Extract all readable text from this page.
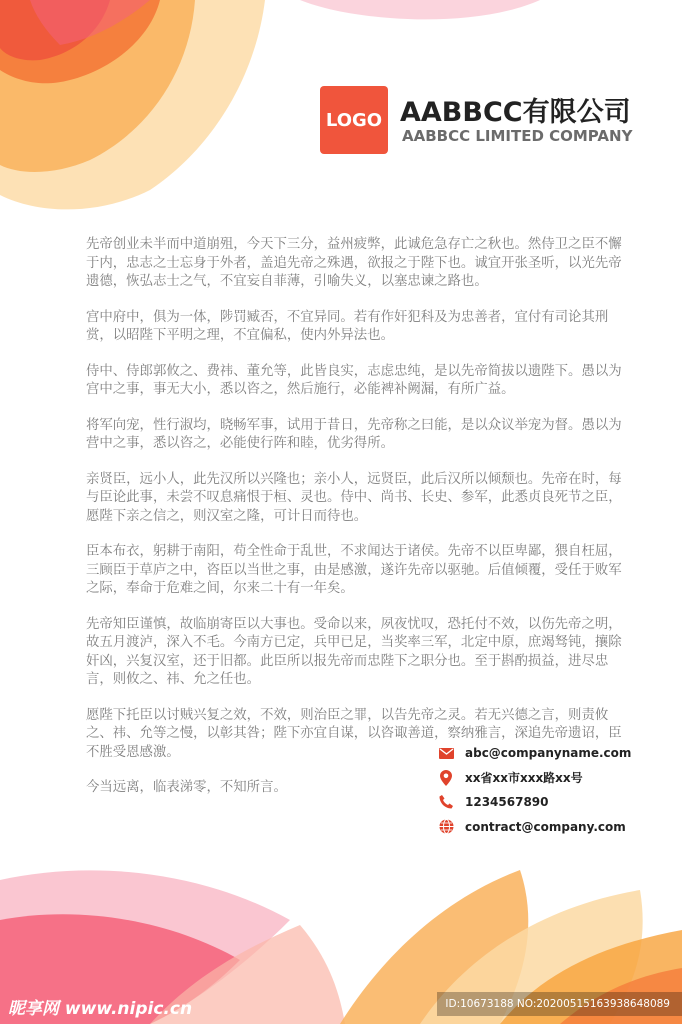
LOGO AABBCC有限公司
AABBCC LIMITED COMPANY

先帝创业未半而中道崩殂，今天下三分，益州疲弊，此诚危急存亡之秋也。然侍卫之臣不懈于内，忠志之士忘身于外者，盖追先帝之殊遇，欲报之于陛下也。诚宜开张圣听，以光先帝遗德，恢弘志士之气，不宜妄自菲薄，引喻失义，以塞忠谏之路也。

宫中府中，俱为一体，陟罚臧否，不宜异同。若有作奸犯科及为忠善者，宜付有司论其刑赏，以昭陛下平明之理，不宜偏私，使内外异法也。

侍中、侍郎郭攸之、费祎、董允等，此皆良实，志虑忠纯，是以先帝简拔以遗陛下。愚以为宫中之事，事无大小，悉以咨之，然后施行，必能裨补阙漏，有所广益。

将军向宠，性行淑均，晓畅军事，试用于昔日，先帝称之曰能，是以众议举宠为督。愚以为营中之事，悉以咨之，必能使行阵和睦，优劣得所。

亲贤臣，远小人，此先汉所以兴隆也；亲小人，远贤臣，此后汉所以倾颓也。先帝在时，每与臣论此事，未尝不叹息痛恨于桓、灵也。侍中、尚书、长史、参军，此悉贞良死节之臣，愿陛下亲之信之，则汉室之隆，可计日而待也。

臣本布衣，躬耕于南阳，苟全性命于乱世，不求闻达于诸侯。先帝不以臣卑鄙，猥自枉屈，三顾臣于草庐之中，咨臣以当世之事，由是感激，遂许先帝以驱驰。后值倾覆，受任于败军之际，奉命于危难之间，尔来二十有一年矣。

先帝知臣谨慎，故临崩寄臣以大事也。受命以来，夙夜忧叹，恐托付不效，以伤先帝之明，故五月渡泸，深入不毛。今南方已定，兵甲已足，当奖率三军，北定中原，庶竭驽钝，攘除奸凶，兴复汉室，还于旧都。此臣所以报先帝而忠陛下之职分也。至于斟酌损益，进尽忠言，则攸之、祎、允之任也。

愿陛下托臣以讨贼兴复之效，不效，则治臣之罪，以告先帝之灵。若无兴德之言，则责攸之、祎、允等之慢，以彰其咎；陛下亦宜自谋，以咨诹善道，察纳雅言，深追先帝遗诏，臣不胜受恩感激。

今当远离，临表涕零，不知所言。

abc@companyname.com
xx省xx市xxx路xx号
1234567890
contract@company.com
昵享网 www.nipic.cn	ID:10673188 NO:20200515163938648089
